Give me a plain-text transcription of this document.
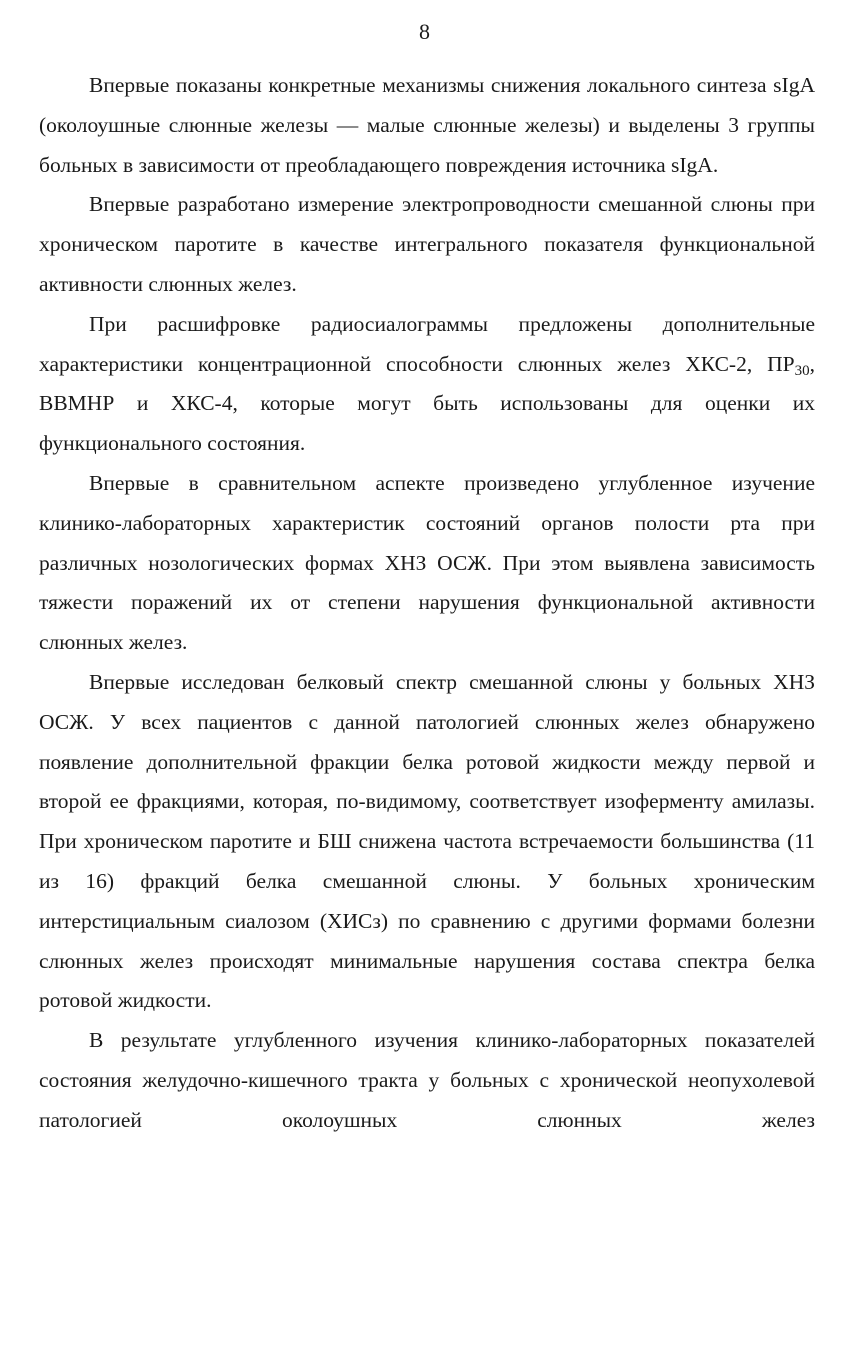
8

Впервые показаны конкретные механизмы снижения локального синтеза sIgA (околоушные слюнные железы — малые слюнные железы) и выделены 3 группы больных в зависимости от преобладающего повреждения источника sIgA.

Впервые разработано измерение электропроводности смешанной слюны при хроническом паротите в качестве интегрального показателя функциональной активности слюнных желез.

При расшифровке радиосиалограммы предложены дополнительные характеристики концентрационной способности слюнных желез ХКС-2, $ПР_{30}$, ВВМНР и ХКС-4, которые могут быть использованы для оценки их функционального состояния.

Впервые в сравнительном аспекте произведено углубленное изучение клинико-лабораторных характеристик состояний органов полости рта при различных нозологических формах ХНЗ ОСЖ. При этом выявлена зависимость тяжести поражений их от степени нарушения функциональной активности слюнных желез.

Впервые исследован белковый спектр смешанной слюны у больных ХНЗ ОСЖ. У всех пациентов с данной патологией слюнных желез обнаружено появление дополнительной фракции белка ротовой жидкости между первой и второй ее фракциями, которая, по-видимому, соответствует изоферменту амилазы. При хроническом паротите и БШ снижена частота встречаемости большинства (11 из 16) фракций белка смешанной слюны. У больных хроническим интерстициальным сиалозом (ХИСз) по сравнению с другими формами болезни слюнных желез происходят минимальные нарушения состава спектра белка ротовой жидкости.

В результате углубленного изучения клинико-лабораторных показателей состояния желудочно-кишечного тракта у больных с хронической неопухолевой патологией околоушных слюнных желез
